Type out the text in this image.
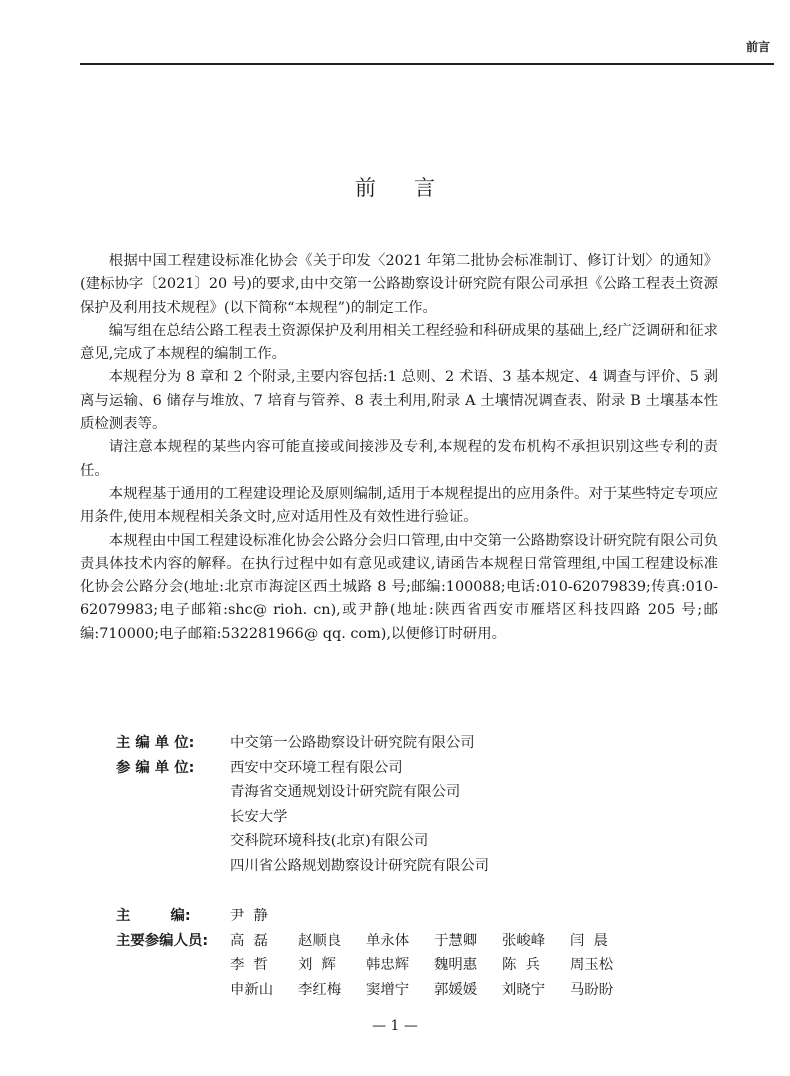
前言
前言

根据中国工程建设标准化协会《关于印发〈2021 年第二批协会标准制订、修订计划〉的通知》(建标协字〔2021〕20 号)的要求,由中交第一公路勘察设计研究院有限公司承担《公路工程表土资源保护及利用技术规程》(以下简称“本规程”)的制定工作。

编写组在总结公路工程表土资源保护及利用相关工程经验和科研成果的基础上,经广泛调研和征求意见,完成了本规程的编制工作。

本规程分为 8 章和 2 个附录,主要内容包括:1 总则、2 术语、3 基本规定、4 调查与评价、5 剥离与运输、6 储存与堆放、7 培育与管养、8 表土利用,附录 A 土壤情况调查表、附录 B 土壤基本性质检测表等。

请注意本规程的某些内容可能直接或间接涉及专利,本规程的发布机构不承担识别这些专利的责任。

本规程基于通用的工程建设理论及原则编制,适用于本规程提出的应用条件。对于某些特定专项应用条件,使用本规程相关条文时,应对适用性及有效性进行验证。

本规程由中国工程建设标准化协会公路分会归口管理,由中交第一公路勘察设计研究院有限公司负责具体技术内容的解释。在执行过程中如有意见或建议,请函告本规程日常管理组,中国工程建设标准化协会公路分会(地址:北京市海淀区西土城路 8 号;邮编:100088;电话:010-62079839;传真:010-62079983;电子邮箱:shc@ rioh. cn),或尹静(地址:陕西省西安市雁塔区科技四路 205 号;邮编:710000;电子邮箱:532281966@ qq. com),以便修订时研用。

主 编 单 位:	中交第一公路勘察设计研究院有限公司
参 编 单 位:	西安中交环境工程有限公司
青海省交通规划设计研究院有限公司
长安大学
交科院环境科技(北京)有限公司
四川省公路规划勘察设计研究院有限公司
主        编:	尹  静
主要参编人员:	高  磊	赵顺良	单永体	于慧卿	张峻峰	闫  晨
李  哲	刘  辉	韩忠辉	魏明惠	陈  兵	周玉松
申新山	李红梅	窦增宁	郭媛媛	刘晓宁	马盼盼
— 1 —
